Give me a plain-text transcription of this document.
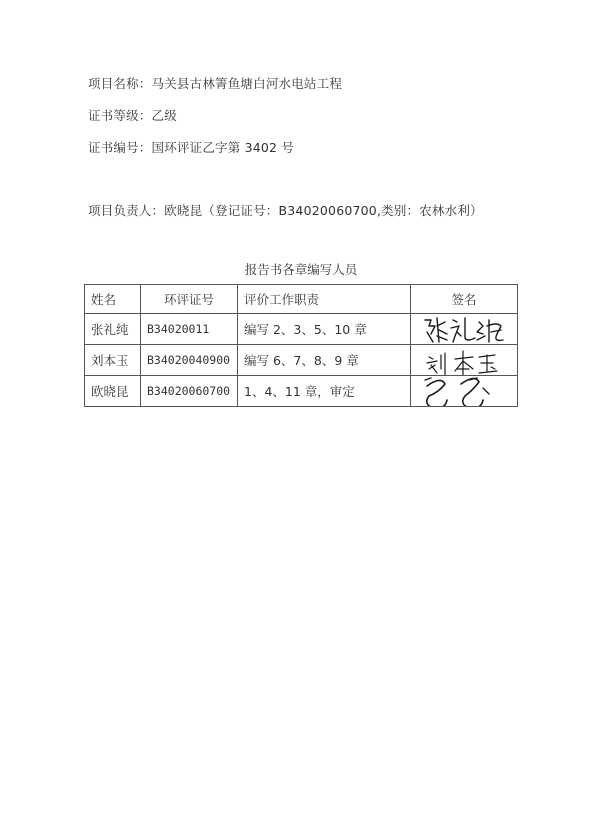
项目名称：马关县古林箐鱼塘白河水电站工程
证书等级：乙级
证书编号：国环评证乙字第 3402 号
项目负责人：欧晓昆（登记证号：B34020060700,类别：农林水利）
报告书各章编写人员
姓名	环评证号	评价工作职责	签名
张礼纯	B34020011	编写 2、3、5、10 章	

刘本玉	B34020040900	编写 6、7、8、9 章	

欧晓昆	B34020060700	1、4、11 章，审定	
